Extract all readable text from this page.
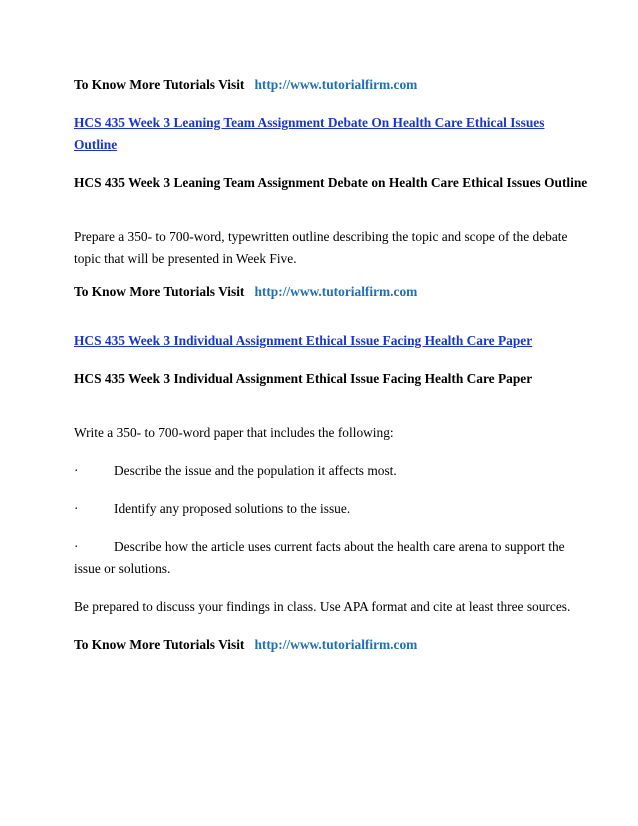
To Know More Tutorials Visit http://www.tutorialfirm.com

HCS 435 Week 3 Leaning Team Assignment Debate On Health Care Ethical Issues Outline

HCS 435 Week 3 Leaning Team Assignment Debate on Health Care Ethical Issues Outline

Prepare a 350- to 700-word, typewritten outline describing the topic and scope of the debate topic that will be presented in Week Five.

To Know More Tutorials Visit http://www.tutorialfirm.com

HCS 435 Week 3 Individual Assignment Ethical Issue Facing Health Care Paper

HCS 435 Week 3 Individual Assignment Ethical Issue Facing Health Care Paper

Write a 350- to 700-word paper that includes the following:

·	Describe the issue and the population it affects most.

·	Identify any proposed solutions to the issue.

·	Describe how the article uses current facts about the health care arena to support the issue or solutions.

Be prepared to discuss your findings in class. Use APA format and cite at least three sources.

To Know More Tutorials Visit http://www.tutorialfirm.com
